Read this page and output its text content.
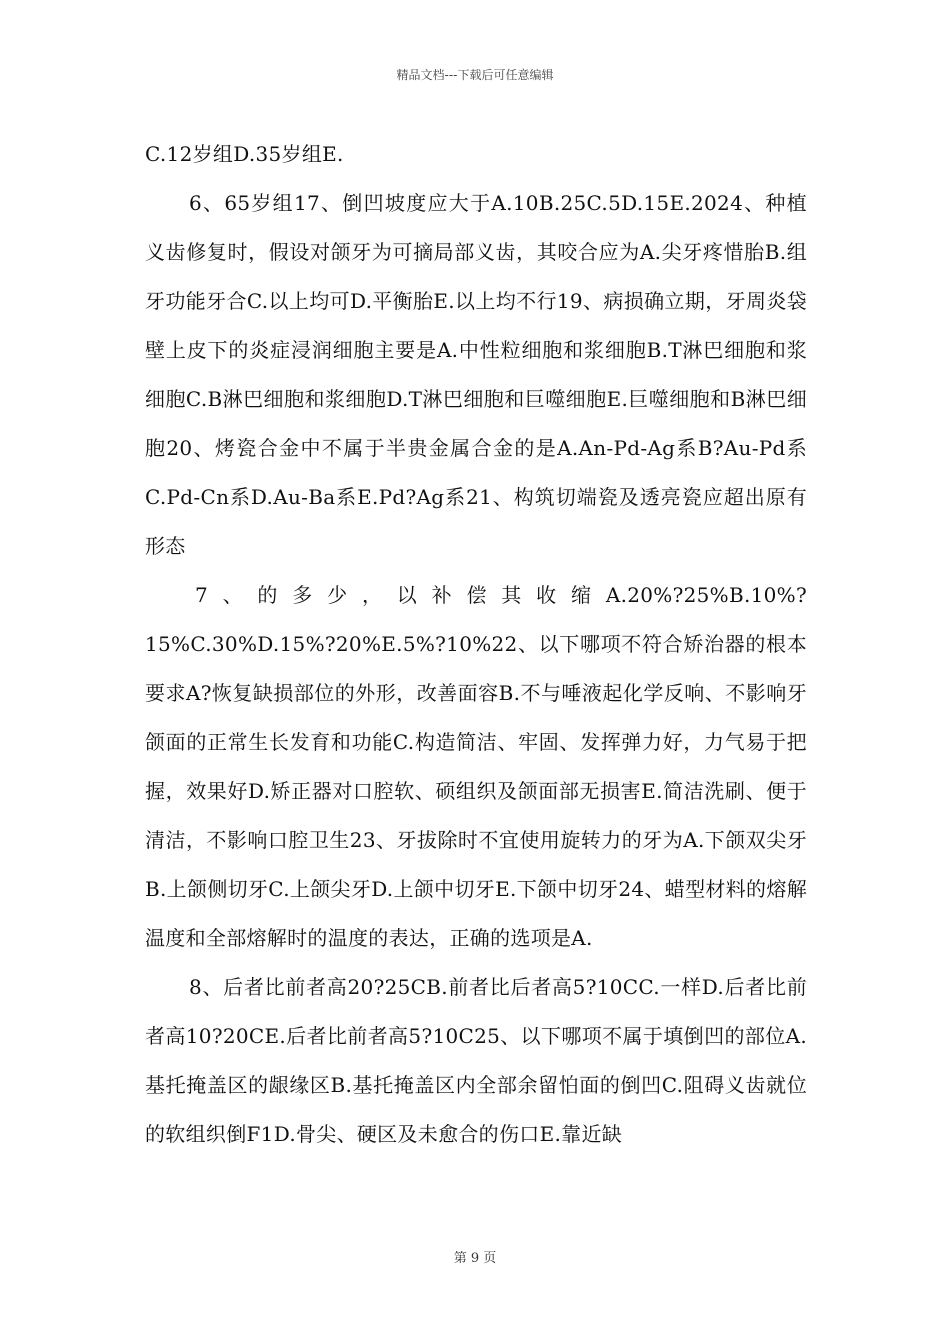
精品文档---下载后可任意编辑

C.12岁组D.35岁组E.

6、65岁组17、倒凹坡度应大于A.10B.25C.5D.15E.2024、种植义齿修复时，假设对颌牙为可摘局部义齿，其咬合应为A.尖牙疼惜胎B.组牙功能牙合C.以上均可D.平衡胎E.以上均不行19、病损确立期，牙周炎袋壁上皮下的炎症浸润细胞主要是A.中性粒细胞和浆细胞B.T淋巴细胞和浆细胞C.B淋巴细胞和浆细胞D.T淋巴细胞和巨噬细胞E.巨噬细胞和B淋巴细胞20、烤瓷合金中不属于半贵金属合金的是A.An-Pd-Ag系B?Au-Pd系C.Pd-Cn系D.Au-Ba系E.Pd?Ag系21、构筑切端瓷及透亮瓷应超出原有形态

7、的多少，以补偿其收缩A.20%?25%B.10%?15%C.30%D.15%?20%E.5%?10%22、以下哪项不符合矫治器的根本要求A?恢复缺损部位的外形，改善面容B.不与唾液起化学反响、不影响牙颌面的正常生长发育和功能C.构造简洁、牢固、发挥弹力好，力气易于把握，效果好D.矫正器对口腔软、硕组织及颌面部无损害E.简洁洗刷、便于清洁，不影响口腔卫生23、牙拔除时不宜使用旋转力的牙为A.下颌双尖牙B.上颌侧切牙C.上颌尖牙D.上颌中切牙E.下颌中切牙24、蜡型材料的熔解温度和全部熔解时的温度的表达，正确的选项是A.

8、后者比前者高20?25CB.前者比后者高5?10CC.一样D.后者比前者高10?20CE.后者比前者高5?10C25、以下哪项不属于填倒凹的部位A.基托掩盖区的龈缘区B.基托掩盖区内全部余留怕面的倒凹C.阻碍义齿就位的软组织倒F1D.骨尖、硬区及未愈合的伤口E.靠近缺

第 9 页
